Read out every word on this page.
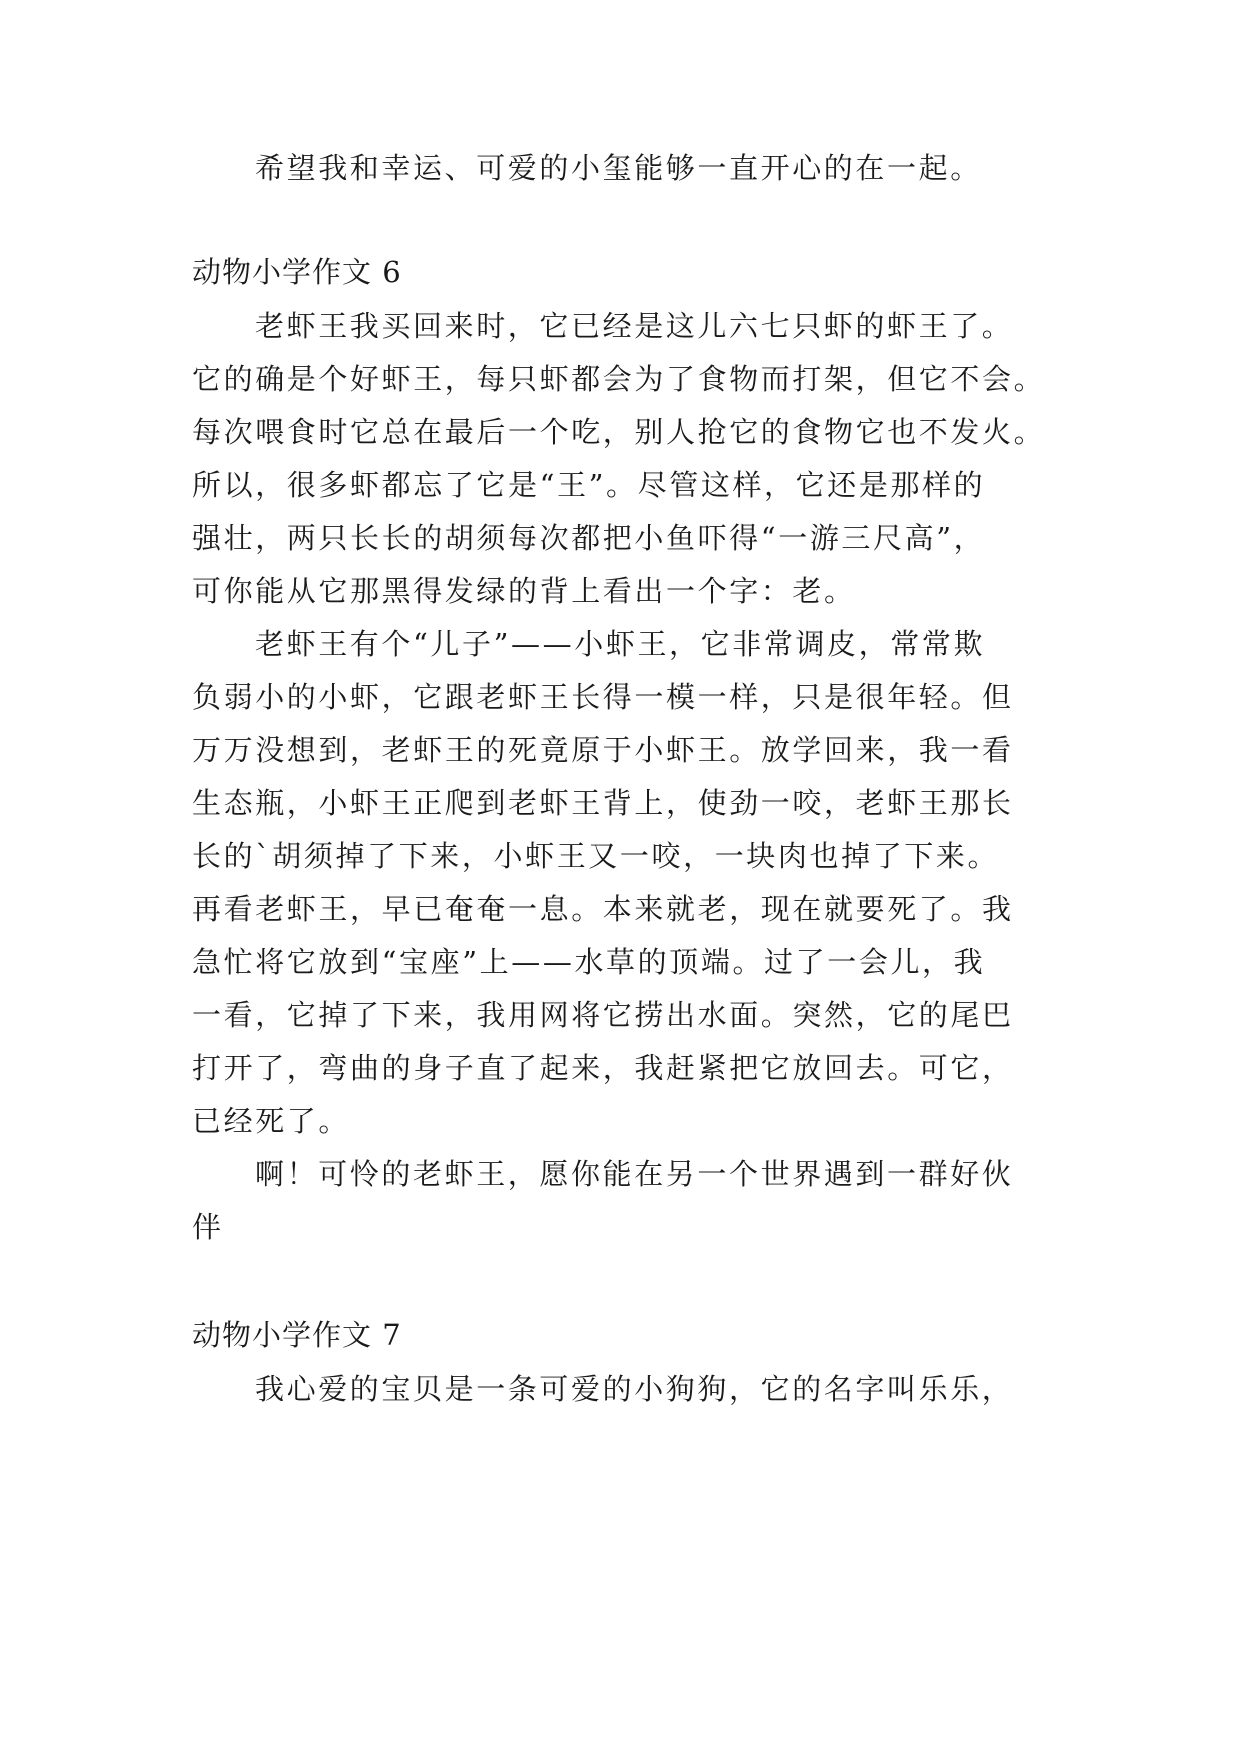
希望我和幸运、可爱的小玺能够一直开心的在一起。
动物小学作文 6
老虾王我买回来时，它已经是这儿六七只虾的虾王了。
它的确是个好虾王，每只虾都会为了食物而打架，但它不会。
每次喂食时它总在最后一个吃，别人抢它的食物它也不发火。
所以，很多虾都忘了它是“王”。尽管这样，它还是那样的
强壮，两只长长的胡须每次都把小鱼吓得“一游三尺高”，
可你能从它那黑得发绿的背上看出一个字：老。
老虾王有个“儿子”——小虾王，它非常调皮，常常欺
负弱小的小虾，它跟老虾王长得一模一样，只是很年轻。但
万万没想到，老虾王的死竟原于小虾王。放学回来，我一看
生态瓶，小虾王正爬到老虾王背上，使劲一咬，老虾王那长
长的`胡须掉了下来，小虾王又一咬，一块肉也掉了下来。
再看老虾王，早已奄奄一息。本来就老，现在就要死了。我
急忙将它放到“宝座”上——水草的顶端。过了一会儿，我
一看，它掉了下来，我用网将它捞出水面。突然，它的尾巴
打开了，弯曲的身子直了起来，我赶紧把它放回去。可它，
已经死了。
啊！可怜的老虾王，愿你能在另一个世界遇到一群好伙
伴
动物小学作文 7
我心爱的宝贝是一条可爱的小狗狗，它的名字叫乐乐，
